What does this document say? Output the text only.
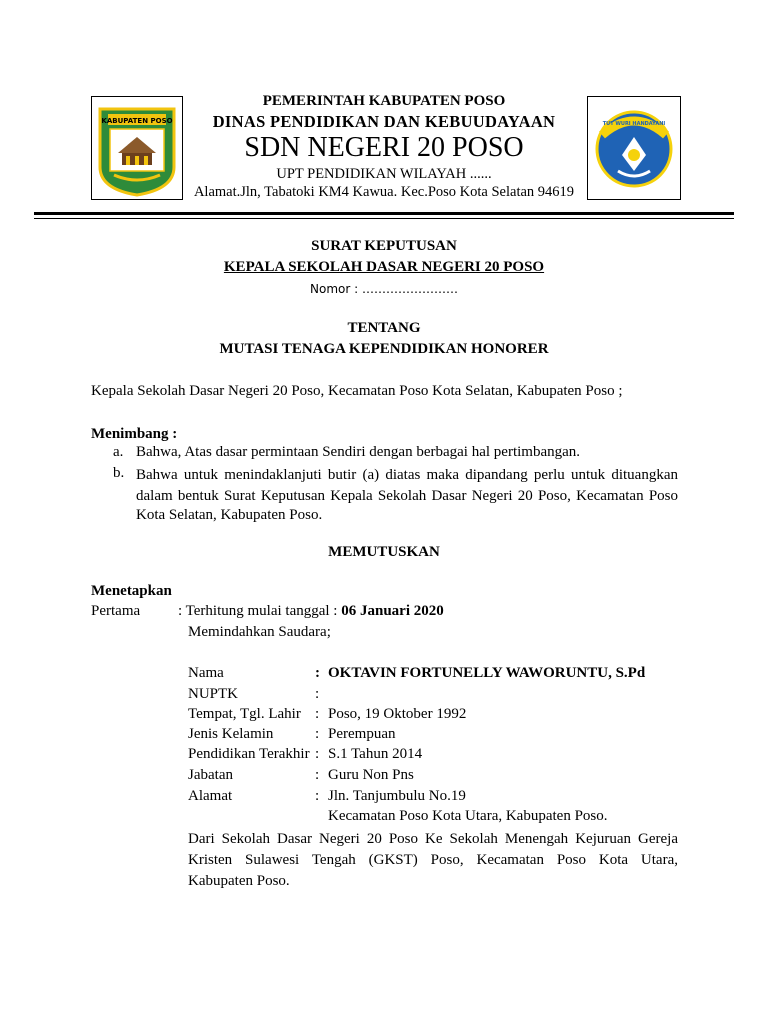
KABUPATEN POSO	TUT WURI HANDAYANI
PEMERINTAH KABUPATEN POSO
DINAS PENDIDIKAN DAN KEBUUDAYAAN
SDN NEGERI 20 POSO
UPT PENDIDIKAN WILAYAH ......
Alamat.Jln, Tabatoki KM4 Kawua. Kec.Poso Kota Selatan 94619
SURAT KEPUTUSAN
KEPALA SEKOLAH DASAR NEGERI 20 POSO
Nomor : ……………………
TENTANG
MUTASI TENAGA KEPENDIDIKAN HONORER
Kepala Sekolah Dasar Negeri 20 Poso, Kecamatan Poso Kota Selatan, Kabupaten Poso ;
Menimbang :
a. Bahwa, Atas dasar permintaan Sendiri dengan berbagai hal pertimbangan.
b. Bahwa untuk menindaklanjuti butir (a) diatas maka dipandang perlu untuk dituangkan
dalam bentuk Surat Keputusan Kepala Sekolah Dasar Negeri 20 Poso, Kecamatan Poso
Kota Selatan, Kabupaten Poso.
MEMUTUSKAN
Menetapkan
Pertama	: Terhitung mulai tanggal : 06 Januari 2020
Memindahkan Saudara;
Nama	: OKTAVIN FORTUNELLY WAWORUNTU, S.Pd
NUPTK	:
Tempat, Tgl. Lahir : Poso, 19 Oktober 1992
Jenis Kelamin	: Perempuan
Pendidikan Terakhir : S.1 Tahun 2014
Jabatan	: Guru Non Pns
Alamat	: Jln. Tanjumbulu No.19
Kecamatan Poso Kota Utara, Kabupaten Poso.
Dari Sekolah Dasar Negeri 20 Poso Ke Sekolah Menengah Kejuruan Gereja
Kristen Sulawesi Tengah (GKST) Poso, Kecamatan Poso Kota Utara,
Kabupaten Poso.
